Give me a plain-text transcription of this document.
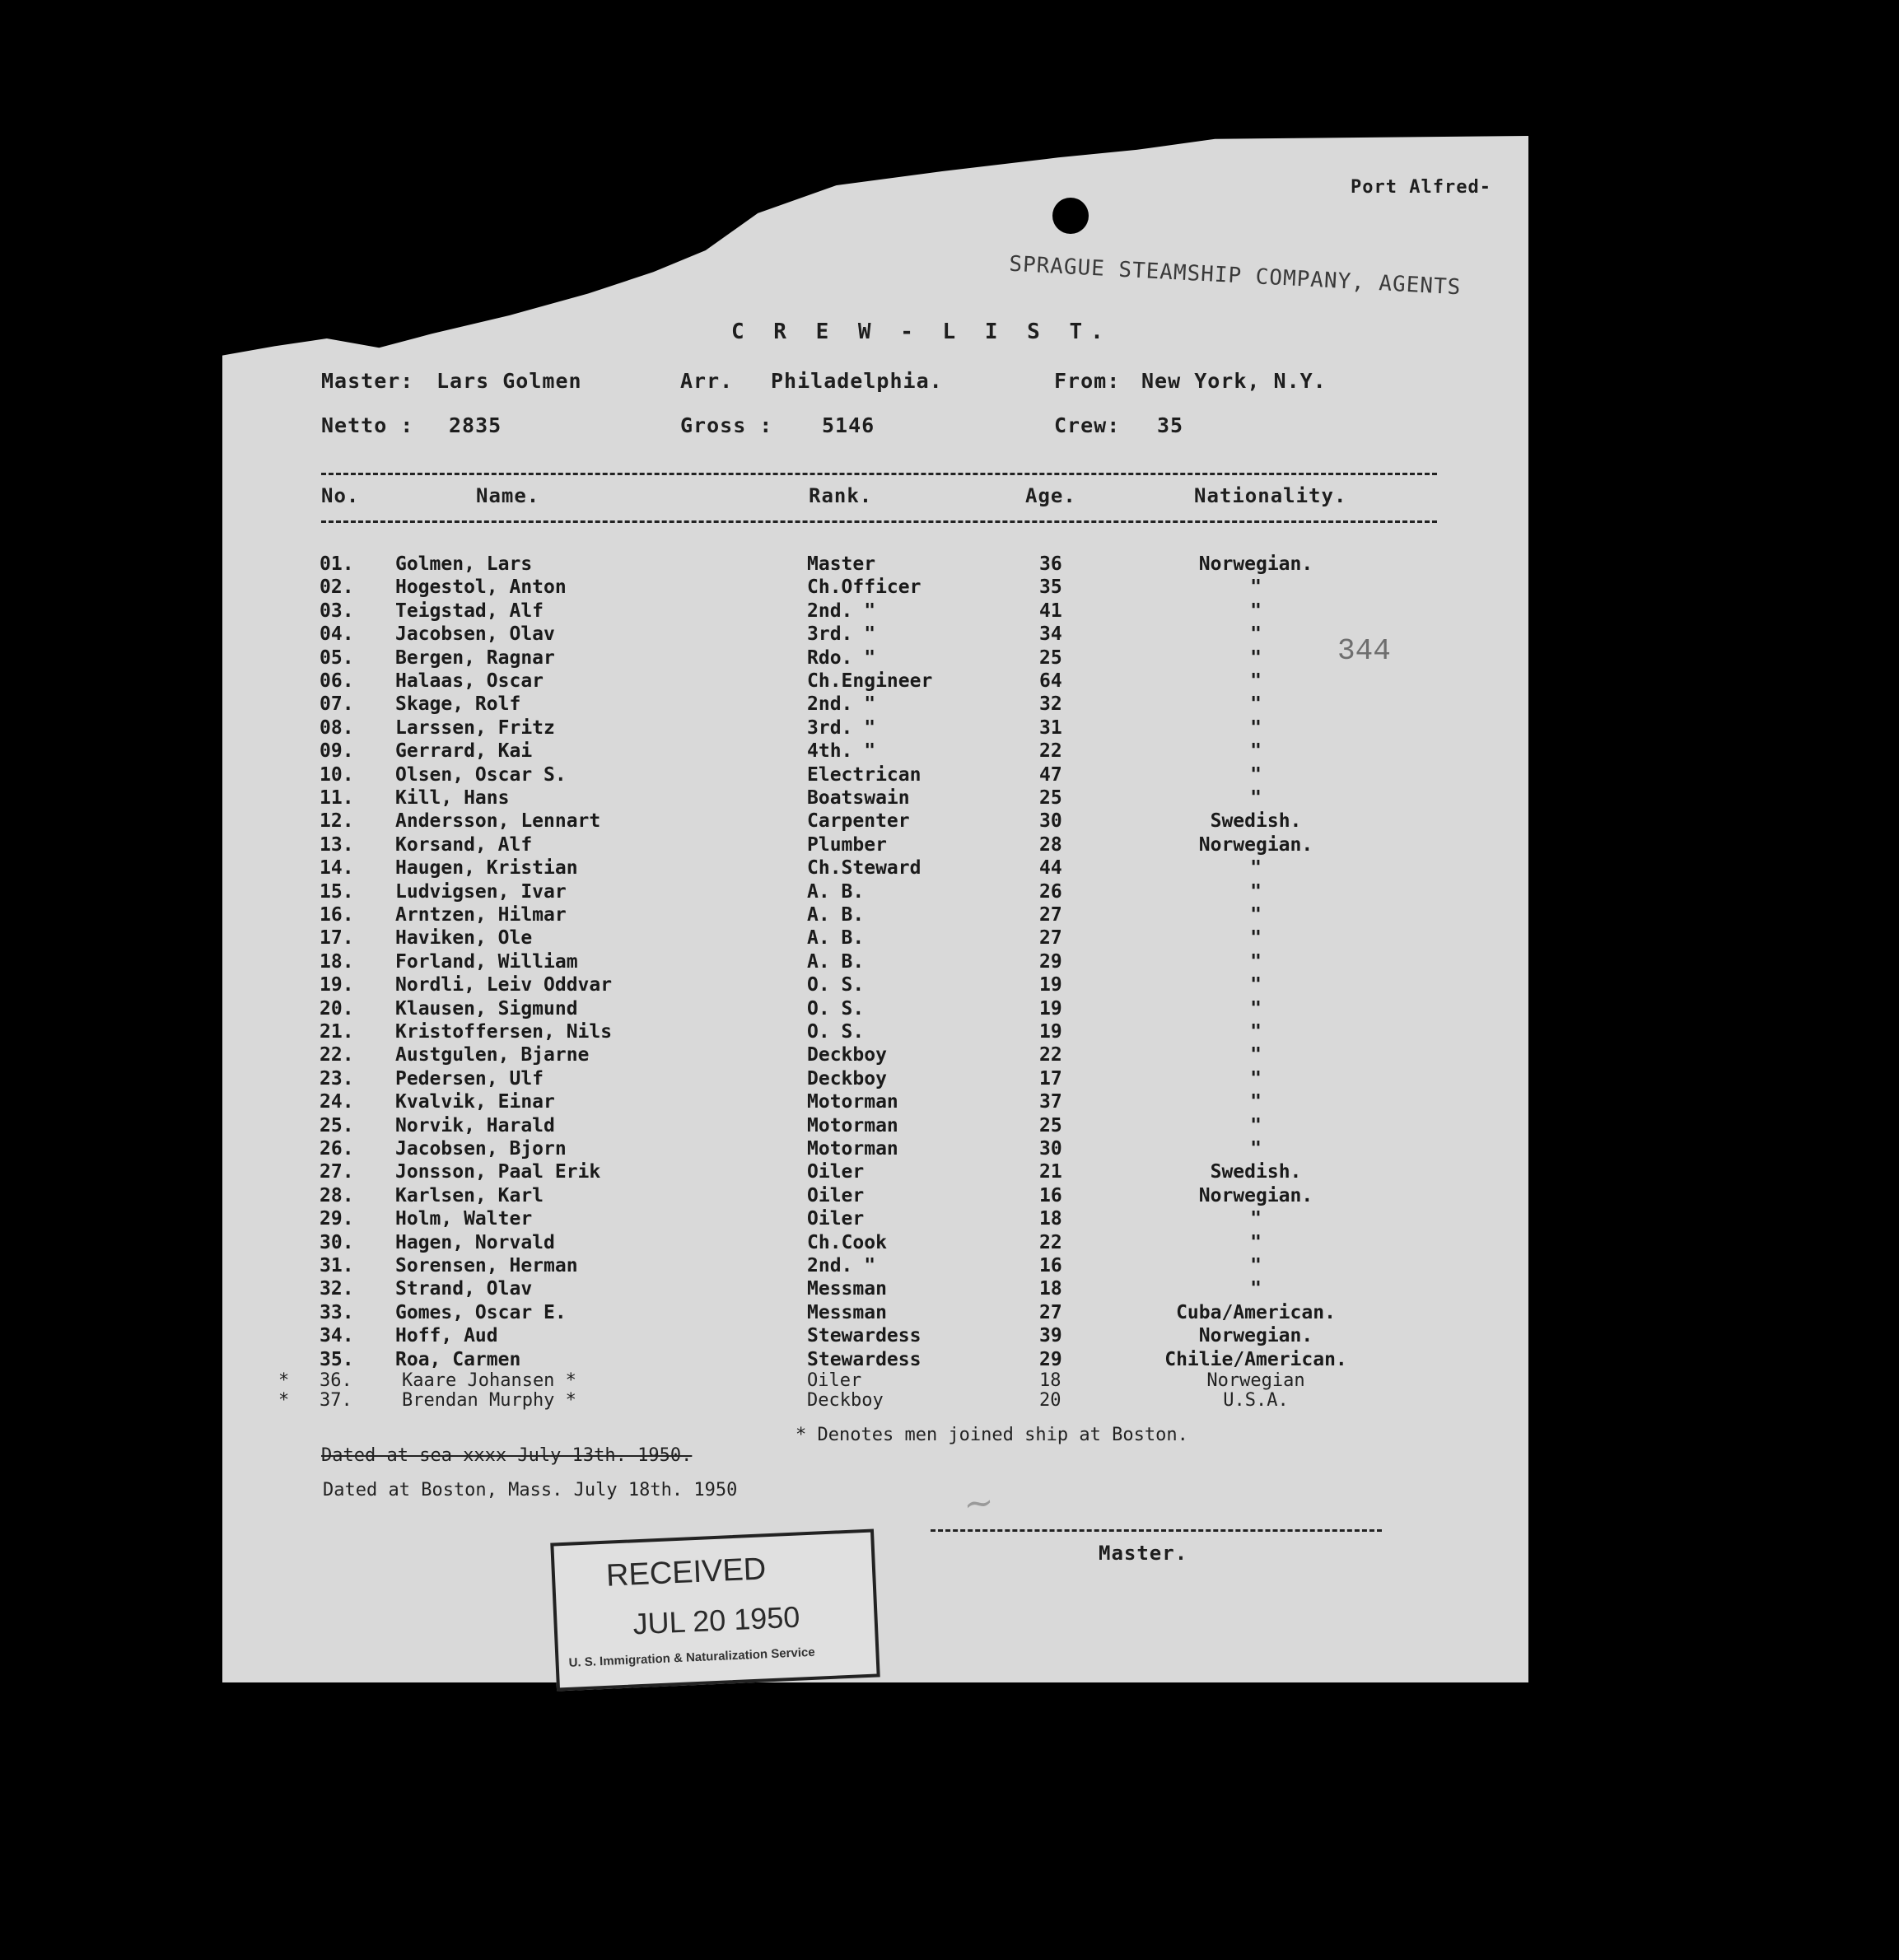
Port Alfred-
SPRAGUE STEAMSHIP COMPANY, AGENTS
C R E W - L I S T.
344
Master: Lars Golmen	Arr. Philadelphia.	From: New York, N.Y.
Netto : 2835	Gross : 5146	Crew: 35
No.	Name.	Rank.	Age.	Nationality.
01. Golmen, Lars	Master	36	Norwegian.
02. Hogestol, Anton	Ch.Officer	35	"
03. Teigstad, Alf	2nd. "	41	"
04. Jacobsen, Olav	3rd. "	34	"
05. Bergen, Ragnar	Rdo. "	25	"
06. Halaas, Oscar	Ch.Engineer	64	"
07. Skage, Rolf	2nd. "	32	"
08. Larssen, Fritz	3rd. "	31	"
09. Gerrard, Kai	4th. "	22	"
10. Olsen, Oscar S.	Electrican	47	"
11. Kill, Hans	Boatswain	25	"
12. Andersson, Lennart	Carpenter	30	Swedish.
13. Korsand, Alf	Plumber	28	Norwegian.
14. Haugen, Kristian	Ch.Steward	44	"
15. Ludvigsen, Ivar	A. B.	26	"
16. Arntzen, Hilmar	A. B.	27	"
17. Haviken, Ole	A. B.	27	"
18. Forland, William	A. B.	29	"
19. Nordli, Leiv Oddvar	O. S.	19	"
20. Klausen, Sigmund	O. S.	19	"
21. Kristoffersen, Nils	O. S.	19	"
22. Austgulen, Bjarne	Deckboy	22	"
23. Pedersen, Ulf	Deckboy	17	"
24. Kvalvik, Einar	Motorman	37	"
25. Norvik, Harald	Motorman	25	"
26. Jacobsen, Bjorn	Motorman	30	"
27. Jonsson, Paal Erik	Oiler	21	Swedish.
28. Karlsen, Karl	Oiler	16	Norwegian.
29. Holm, Walter	Oiler	18	"
30. Hagen, Norvald	Ch.Cook	22	"
31. Sorensen, Herman	2nd. "	16	"
32. Strand, Olav	Messman	18	"
33. Gomes, Oscar E.	Messman	27	Cuba/American.
34. Hoff, Aud	Stewardess	39	Norwegian.
35. Roa, Carmen	Stewardess	29	Chilie/American.
* 36.	Kaare Johansen *	Oiler	18	Norwegian
* 37.	Brendan Murphy *	Deckboy	20	U.S.A.
* Denotes men joined ship at Boston.
Dated at sea xxxx July 13th. 1950.
Dated at Boston, Mass. July 18th. 1950	~
Master.
RECEIVED
JUL 20 1950
U. S. Immigration & Naturalization Service
